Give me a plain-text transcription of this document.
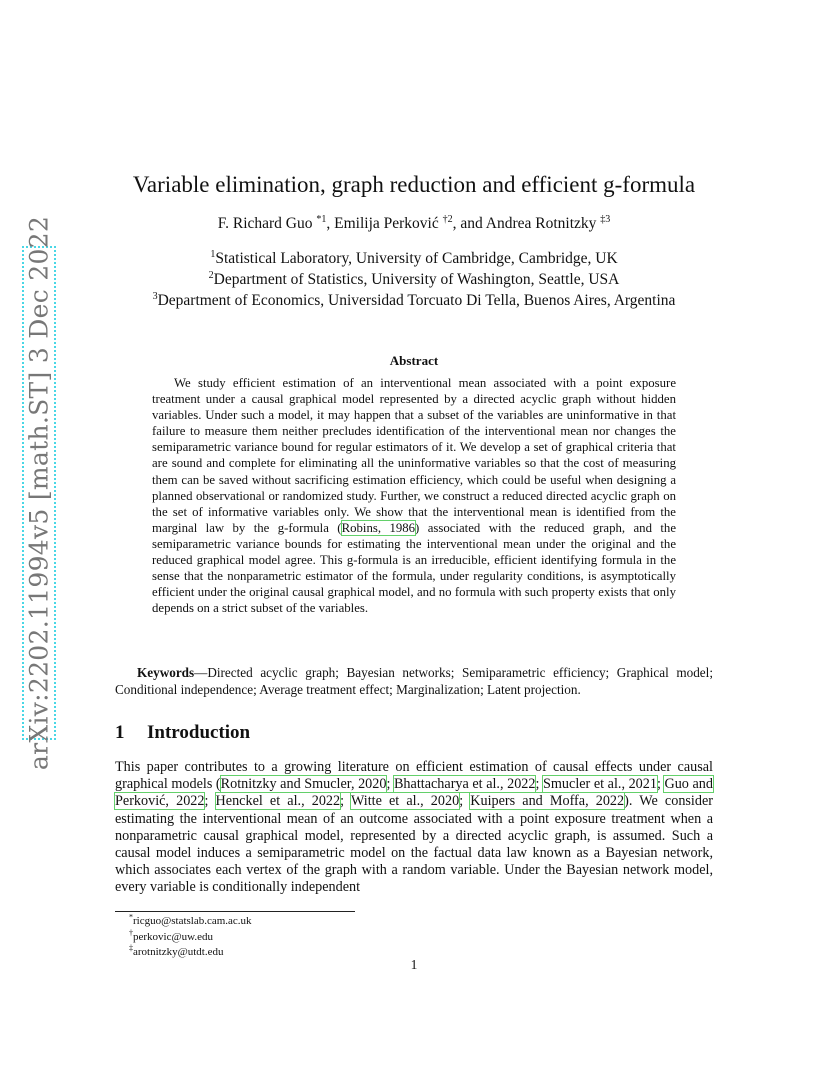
arXiv:2202.11994v5 [math.ST] 3 Dec 2022
Variable elimination, graph reduction and efficient g-formula
F. Richard Guo $^{*1}$, Emilija Perković $^{\dagger 2}$, and Andrea Rotnitzky $^{\ddagger 3}$
$^1$Statistical Laboratory, University of Cambridge, Cambridge, UK
$^2$Department of Statistics, University of Washington, Seattle, USA
$^3$Department of Economics, Universidad Torcuato Di Tella, Buenos Aires, Argentina
Abstract
We study efficient estimation of an interventional mean associated with a point exposure treatment under a causal graphical model represented by a directed acyclic graph without hidden variables. Under such a model, it may happen that a subset of the variables are uninformative in that failure to measure them neither precludes identification of the interventional mean nor changes the semiparametric variance bound for regular estimators of it. We develop a set of graphical criteria that are sound and complete for eliminating all the uninformative variables so that the cost of measuring them can be saved without sacrificing estimation efficiency, which could be useful when designing a planned observational or randomized study. Further, we construct a reduced directed acyclic graph on the set of informative variables only. We show that the interventional mean is identified from the marginal law by the g-formula (Robins, 1986) associated with the reduced graph, and the semiparametric variance bounds for estimating the interventional mean under the original and the reduced graphical model agree. This g-formula is an irreducible, efficient identifying formula in the sense that the nonparametric estimator of the formula, under regularity conditions, is asymptotically efficient under the original causal graphical model, and no formula with such property exists that only depends on a strict subset of the variables.
Keywords—Directed acyclic graph; Bayesian networks; Semiparametric efficiency; Graphical model; Conditional independence; Average treatment effect; Marginalization; Latent projection.
1 Introduction
This paper contributes to a growing literature on efficient estimation of causal effects under causal graphical models (Rotnitzky and Smucler, 2020; Bhattacharya et al., 2022; Smucler et al., 2021; Guo and Perković, 2022; Henckel et al., 2022; Witte et al., 2020; Kuipers and Moffa, 2022). We consider estimating the interventional mean of an outcome associated with a point exposure treatment when a nonparametric causal graphical model, represented by a directed acyclic graph, is assumed. Such a causal model induces a semiparametric model on the factual data law known as a Bayesian network, which associates each vertex of the graph with a random variable. Under the Bayesian network model, every variable is conditionally independent
*ricguo@statslab.cam.ac.uk
†perkovic@uw.edu
‡arotnitzky@utdt.edu
1
